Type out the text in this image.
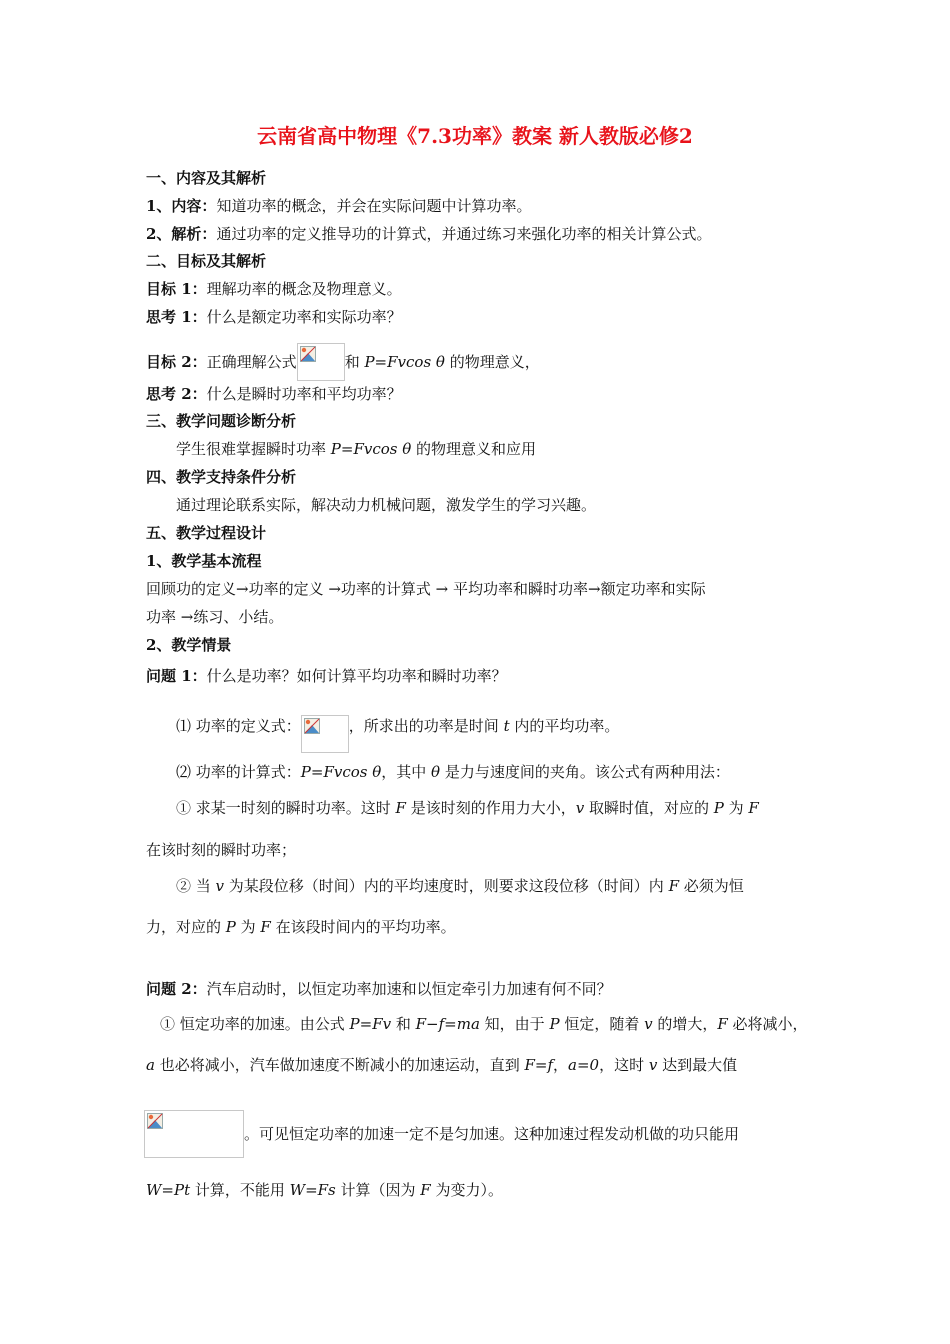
云南省高中物理《7.3功率》教案 新人教版必修2
一、内容及其解析
1、内容：知道功率的概念，并会在实际问题中计算功率。
2、解析：通过功率的定义推导功的计算式，并通过练习来强化功率的相关计算公式。
二、目标及其解析
目标 1：理解功率的概念及物理意义。
思考 1：什么是额定功率和实际功率？
目标 2：正确理解公式	和 P=Fvcos θ 的物理意义，
思考 2：什么是瞬时功率和平均功率？
三、教学问题诊断分析
学生很难掌握瞬时功率 P=Fvcos θ 的物理意义和应用
四、教学支持条件分析
通过理论联系实际，解决动力机械问题，激发学生的学习兴趣。
五、教学过程设计
1、教学基本流程
回顾功的定义→功率的定义 →功率的计算式 → 平均功率和瞬时功率→额定功率和实际
功率 →练习、小结。
2、教学情景
问题 1：什么是功率？如何计算平均功率和瞬时功率？
⑴ 功率的定义式：	，所求出的功率是时间 t 内的平均功率。
⑵ 功率的计算式：P=Fvcos θ，其中 θ 是力与速度间的夹角。该公式有两种用法：
① 求某一时刻的瞬时功率。这时 F 是该时刻的作用力大小，v 取瞬时值，对应的 P 为 F
在该时刻的瞬时功率；
② 当 v 为某段位移（时间）内的平均速度时，则要求这段位移（时间）内 F 必须为恒
力，对应的 P 为 F 在该段时间内的平均功率。
问题 2：汽车启动时，以恒定功率加速和以恒定牵引力加速有何不同？
① 恒定功率的加速。由公式 P=Fv 和 F−f=ma 知，由于 P 恒定，随着 v 的增大，F 必将减小，
a 也必将减小，汽车做加速度不断减小的加速运动，直到 F=f，a=0，这时 v 达到最大值
。可见恒定功率的加速一定不是匀加速。这种加速过程发动机做的功只能用
W=Pt 计算，不能用 W=Fs 计算（因为 F 为变力）。
